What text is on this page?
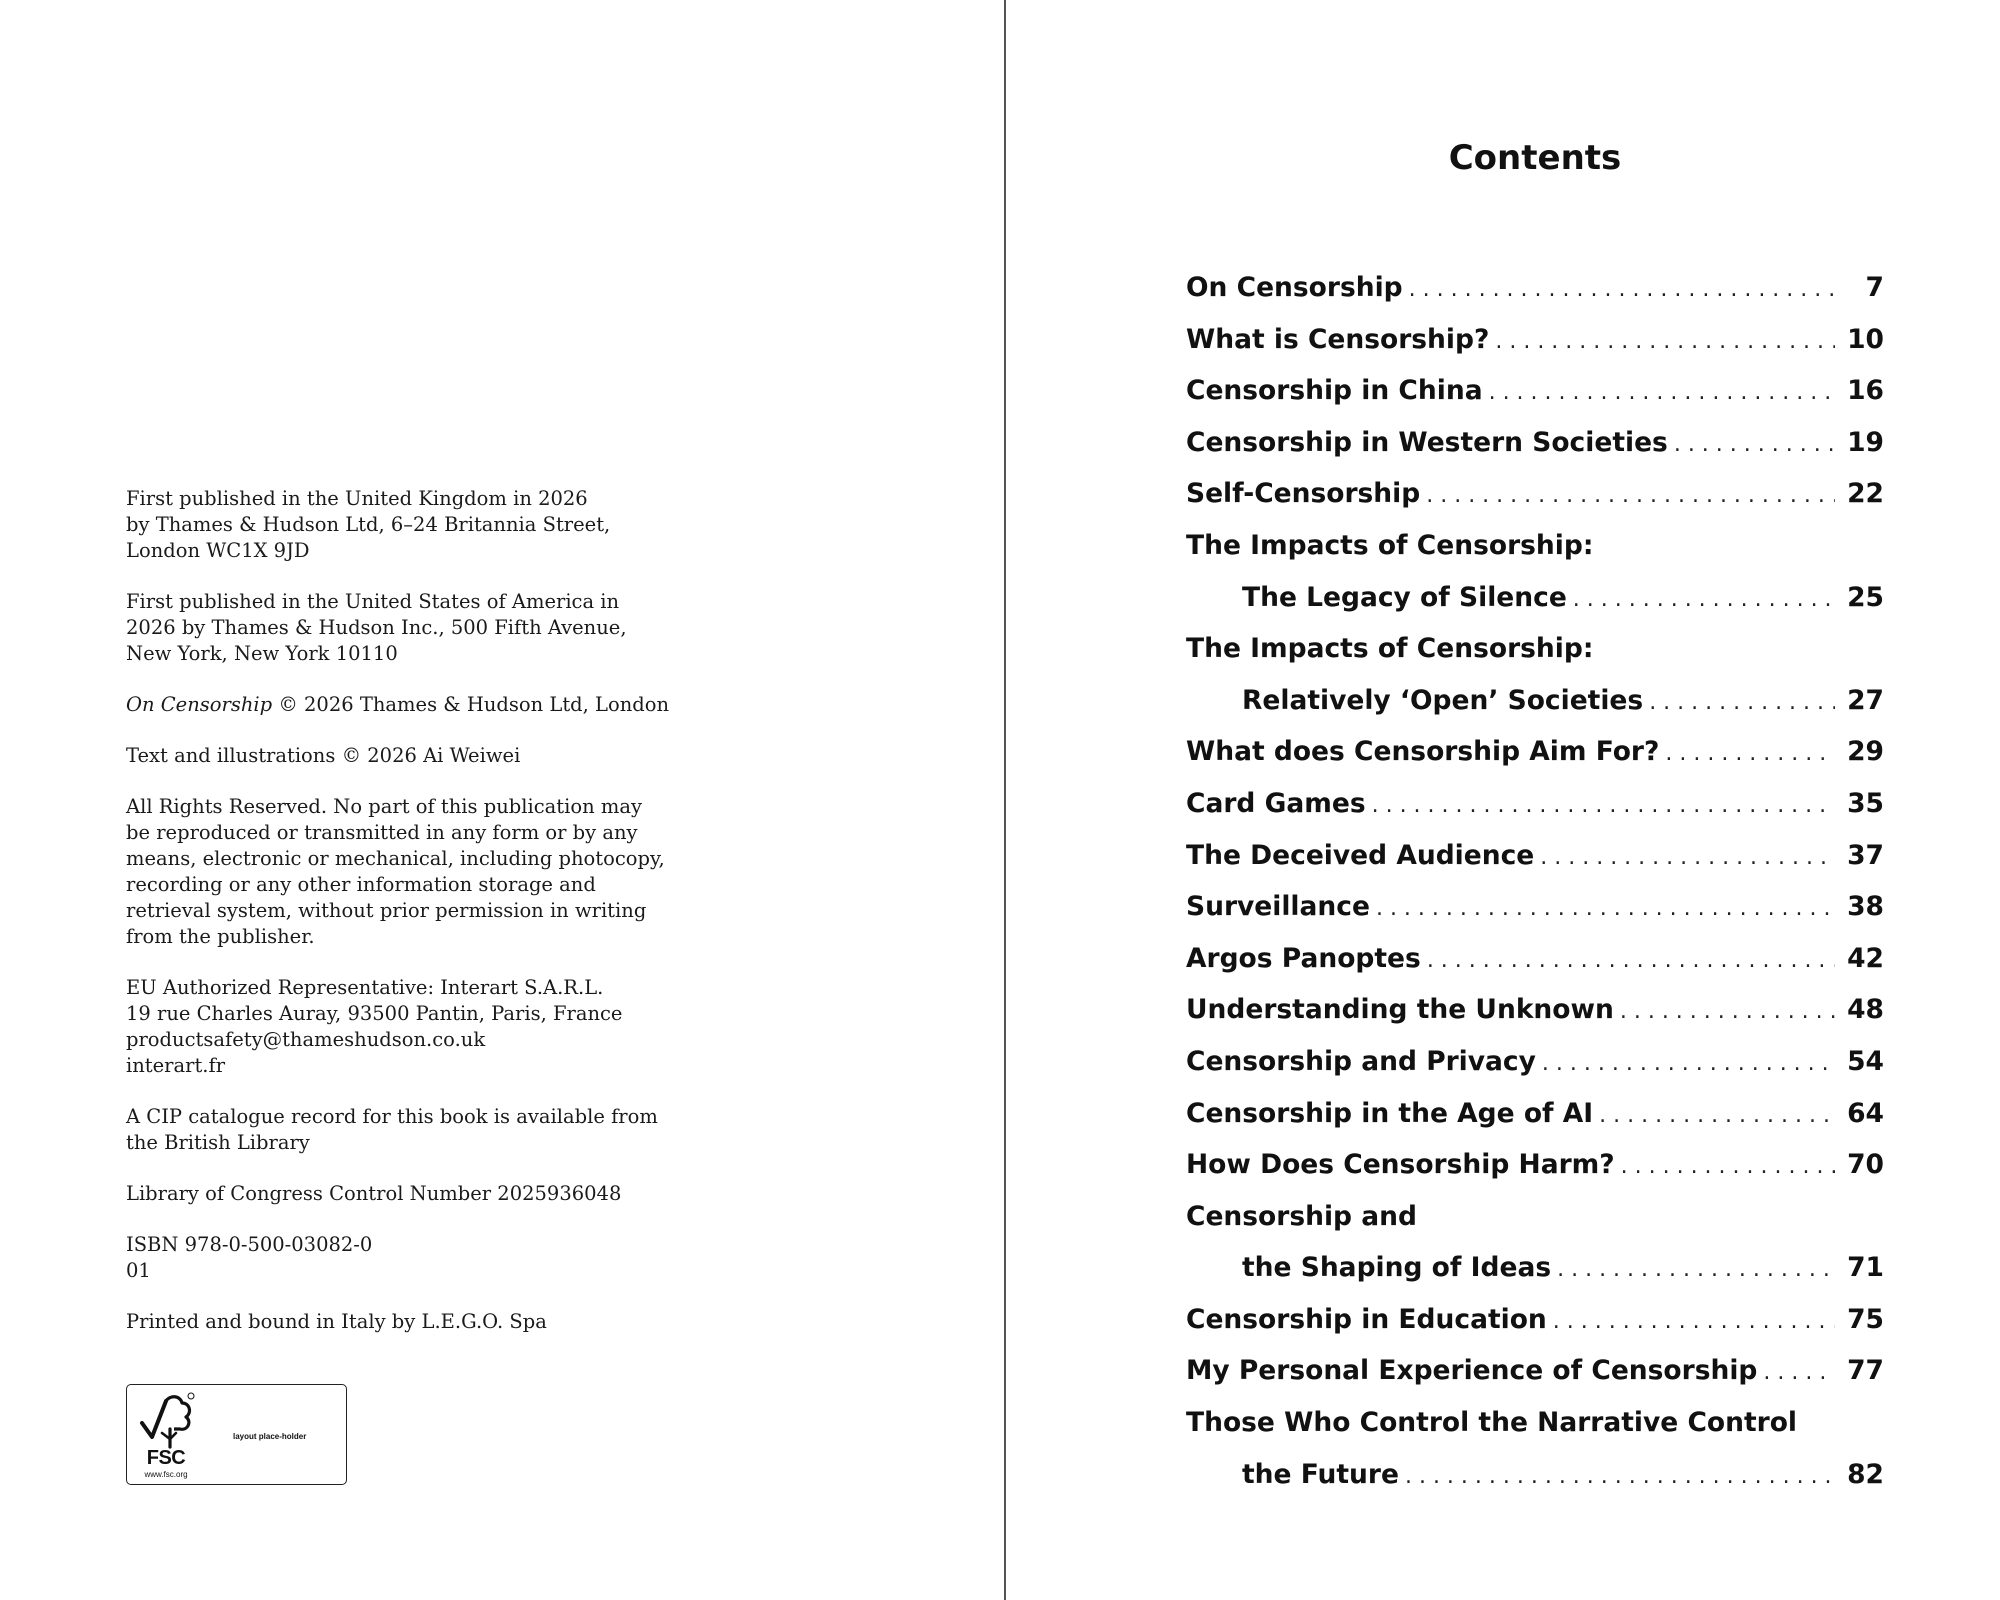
First published in the United Kingdom in 2026
by Thames & Hudson Ltd, 6–24 Britannia Street,
London WC1X 9JD
First published in the United States of America in
2026 by Thames & Hudson Inc., 500 Fifth Avenue,
New York, New York 10110
On Censorship © 2026 Thames & Hudson Ltd, London
Text and illustrations © 2026 Ai Weiwei
All Rights Reserved. No part of this publication may
be reproduced or transmitted in any form or by any
means, electronic or mechanical, including photocopy,
recording or any other information storage and
retrieval system, without prior permission in writing
from the publisher.
EU Authorized Representative: Interart S.A.R.L.
19 rue Charles Auray, 93500 Pantin, Paris, France
productsafety@thameshudson.co.uk
interart.fr
A CIP catalogue record for this book is available from
the British Library
Library of Congress Control Number 2025936048
ISBN 978-0-500-03082-0
01
Printed and bound in Italy by L.E.G.O. Spa
FSC
www.fsc.org
layout place-holder
Contents
On Censorship . . .	7
What is Censorship? . . .	10
Censorship in China . . .	16
Censorship in Western Societies . . .	19
Self-Censorship . . .	22
The Impacts of Censorship:
The Legacy of Silence . . .	25
The Impacts of Censorship:
Relatively ‘Open’ Societies . . .	27
What does Censorship Aim For? . . .	29
Card Games . . .	35
The Deceived Audience . . .	37
Surveillance . . .	38
Argos Panoptes . . .	42
Understanding the Unknown . . .	48
Censorship and Privacy . . .	54
Censorship in the Age of AI . . .	64
How Does Censorship Harm? . . .	70
Censorship and
the Shaping of Ideas . . .	71
Censorship in Education . . .	75
My Personal Experience of Censorship . . .	77
Those Who Control the Narrative Control
the Future . . .	82
